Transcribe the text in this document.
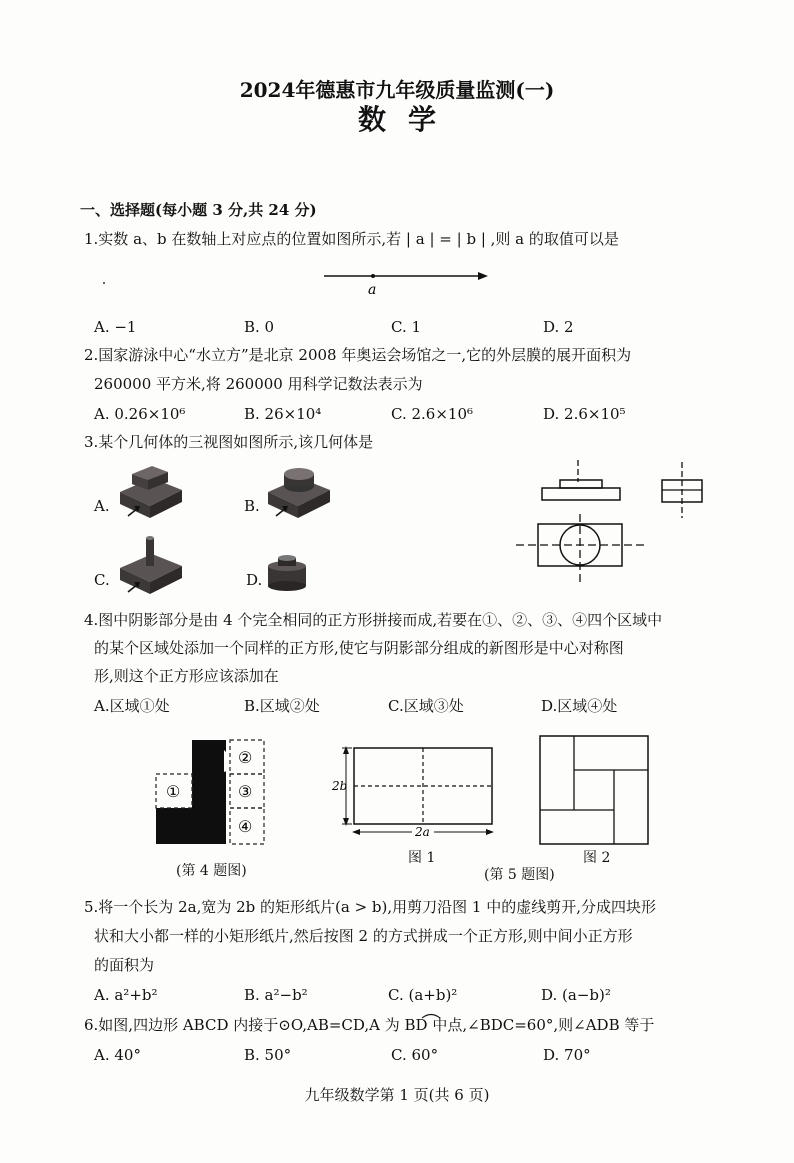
2024年德惠市九年级质量监测(一)
数学
一、选择题(每小题 3 分,共 24 分)
1.实数 a、b 在数轴上对应点的位置如图所示,若 | a | = | b | ,则 a 的取值可以是
a
A. −1	B. 0	C. 1	D. 2
2.国家游泳中心“水立方”是北京 2008 年奥运会场馆之一,它的外层膜的展开面积为
260000 平方米,将 260000 用科学记数法表示为
A. 0.26×10⁶	B. 26×10⁴	C. 2.6×10⁶	D. 2.6×10⁵
3.某个几何体的三视图如图所示,该几何体是
A.	B.
C.	D.
4.图中阴影部分是由 4 个完全相同的正方形拼接而成,若要在①、②、③、④四个区域中
的某个区域处添加一个同样的正方形,使它与阴影部分组成的新图形是中心对称图
形,则这个正方形应该添加在
A.区域①处	B.区域②处	C.区域③处	D.区域④处
①
②
③
④
(第 4 题图)
2b
2a
图 1	图 2
(第 5 题图)
5.将一个长为 2a,宽为 2b 的矩形纸片(a > b),用剪刀沿图 1 中的虚线剪开,分成四块形
状和大小都一样的小矩形纸片,然后按图 2 的方式拼成一个正方形,则中间小正方形
的面积为
A. a²+b²	B. a²−b²	C. (a+b)²	D. (a−b)²
6.如图,四边形 ABCD 内接于⊙O,AB=CD,A 为 BD 中点,∠BDC=60°,则∠ADB 等于
A. 40°	B. 50°	C. 60°	D. 70°
九年级数学第 1 页(共 6 页)
